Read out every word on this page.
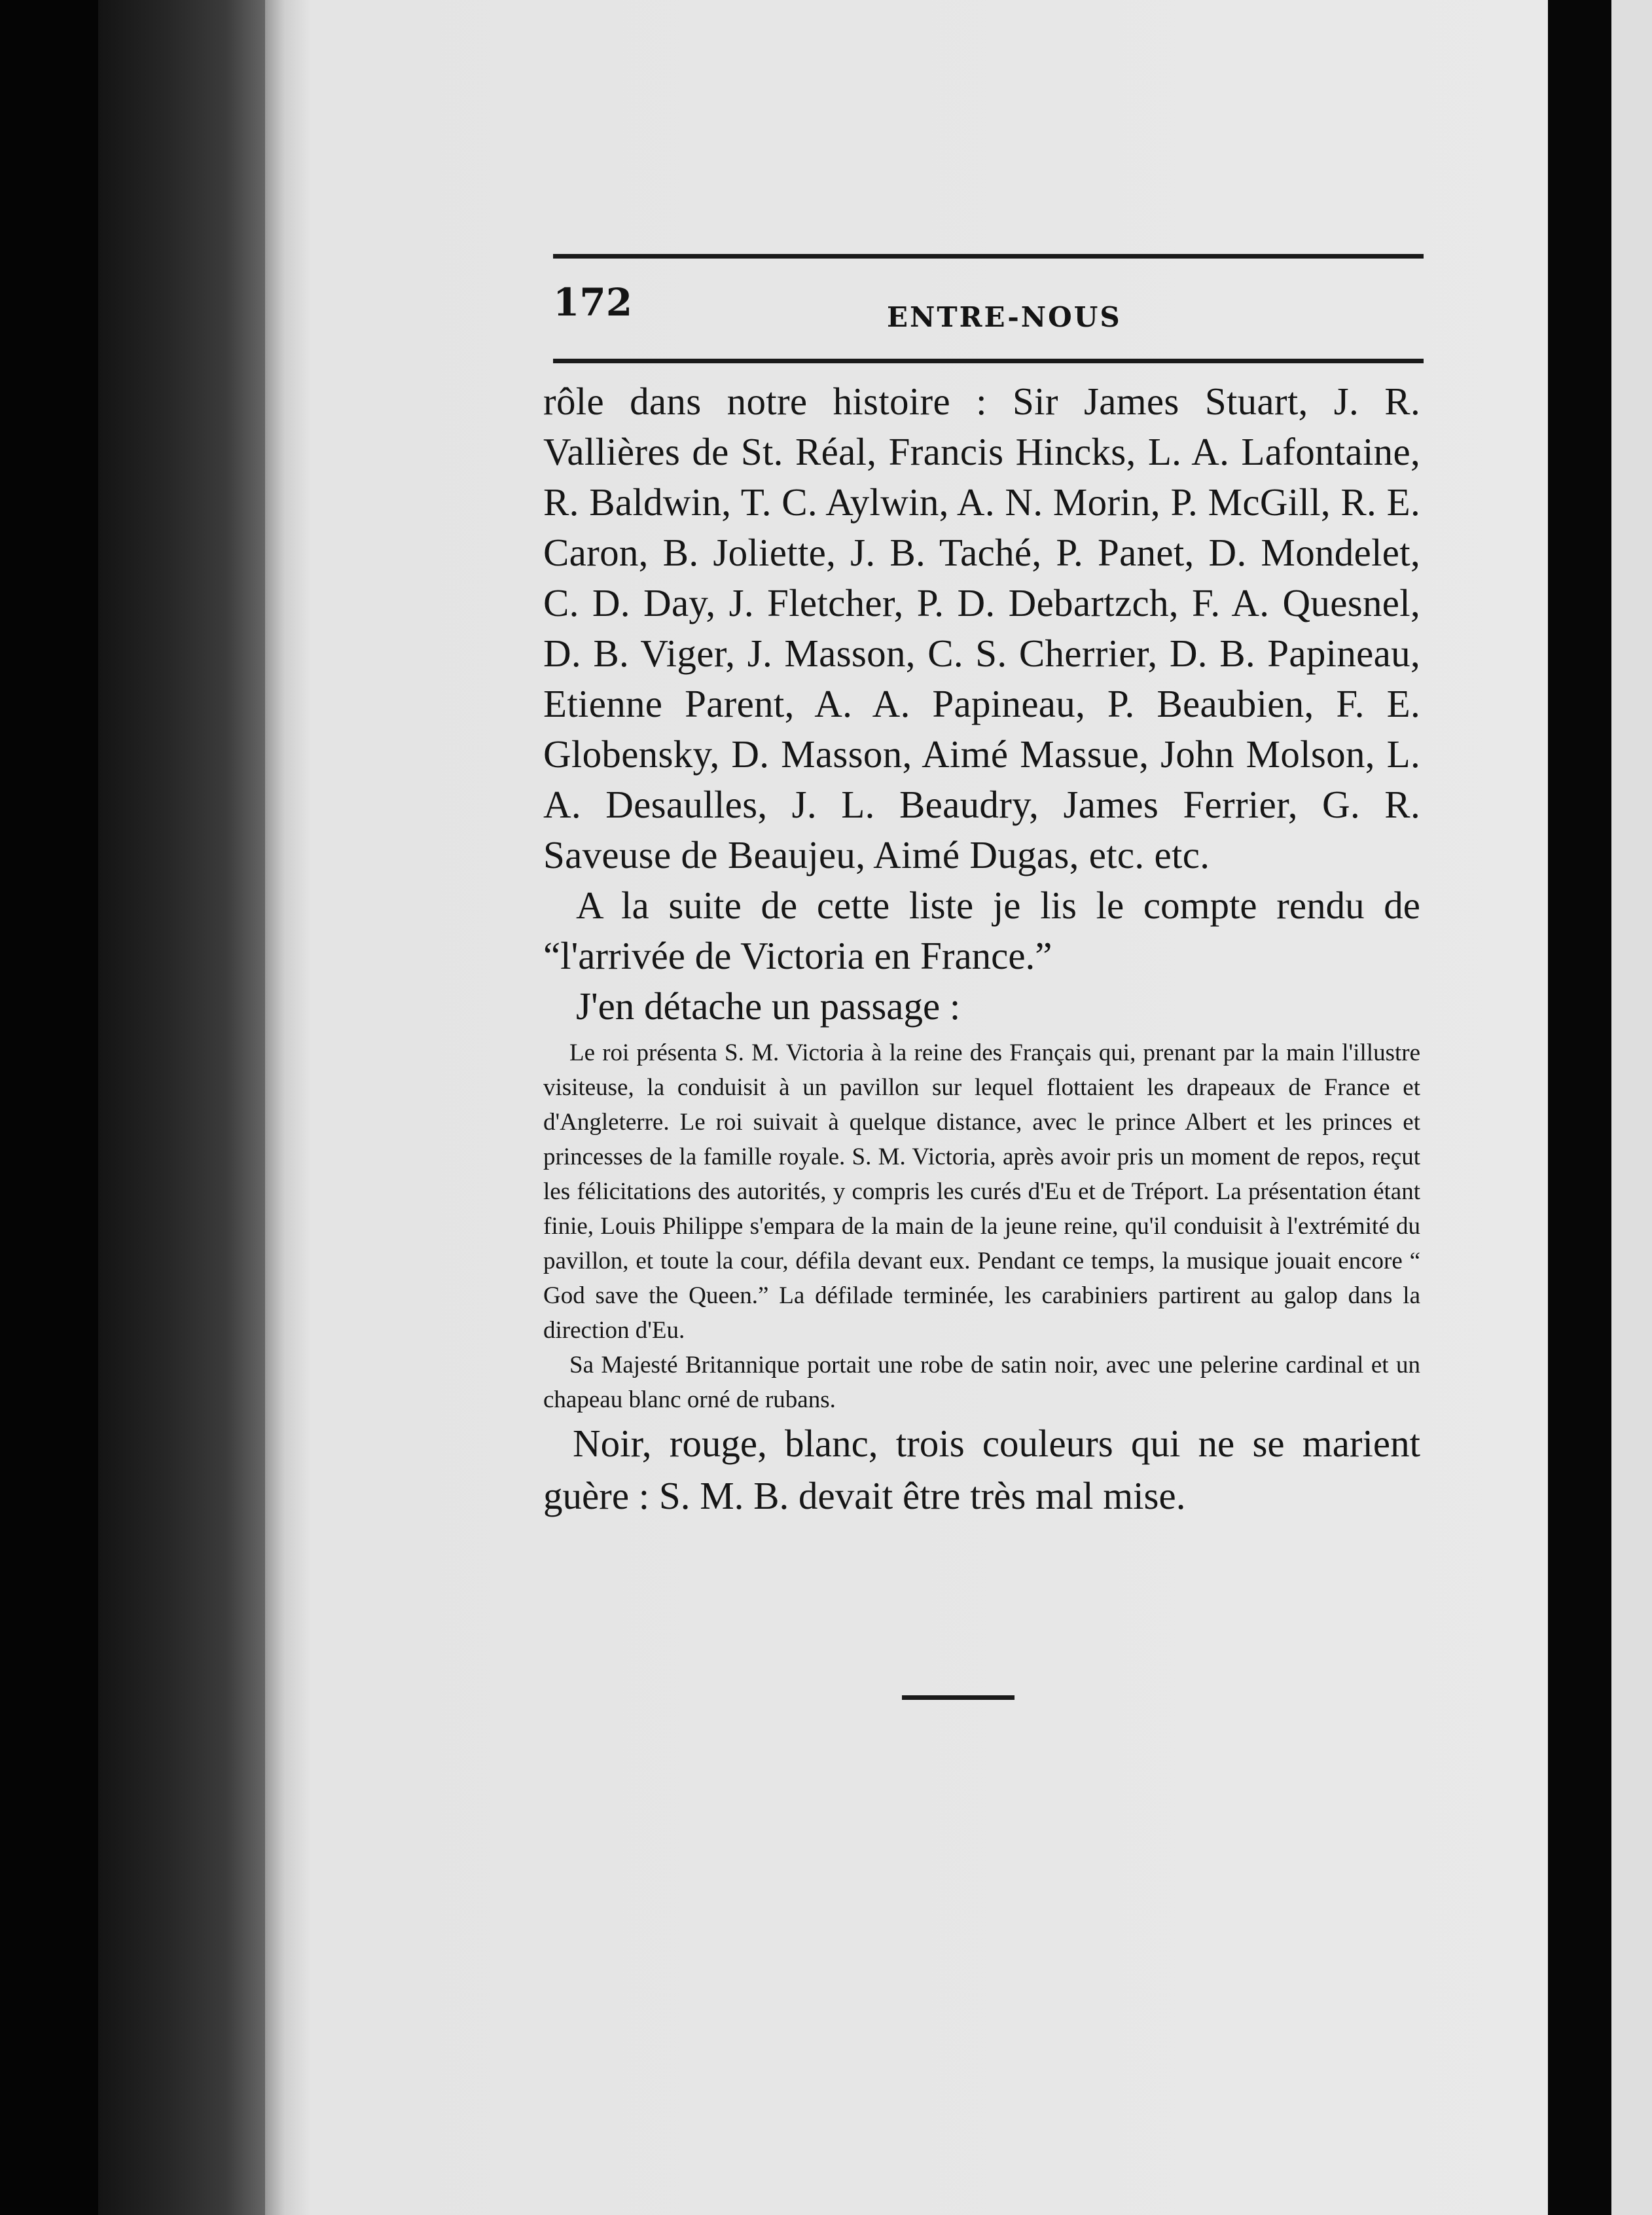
172	ENTRE-NOUS

rôle dans notre histoire : Sir James Stuart, J. R. Vallières de St. Réal, Francis Hincks, L. A. Lafontaine, R. Baldwin, T. C. Aylwin, A. N. Morin, P. McGill, R. E. Caron, B. Joliette, J. B. Taché, P. Panet, D. Mondelet, C. D. Day, J. Fletcher, P. D. Debartzch, F. A. Quesnel, D. B. Viger, J. Masson, C. S. Cherrier, D. B. Papineau, Etienne Parent, A. A. Papineau, P. Beaubien, F. E. Globensky, D. Masson, Aimé Massue, John Molson, L. A. Desaulles, J. L. Beaudry, James Ferrier, G. R. Saveuse de Beaujeu, Aimé Dugas, etc. etc.

A la suite de cette liste je lis le compte rendu de “l'arrivée de Victoria en France.”

J'en détache un passage :

Le roi présenta S. M. Victoria à la reine des Français qui, prenant par la main l'illustre visiteuse, la conduisit à un pavillon sur lequel flottaient les drapeaux de France et d'Angleterre. Le roi suivait à quelque distance, avec le prince Albert et les princes et princesses de la famille royale. S. M. Victoria, après avoir pris un moment de repos, reçut les félicitations des autorités, y compris les curés d'Eu et de Tréport. La présentation étant finie, Louis Philippe s'empara de la main de la jeune reine, qu'il conduisit à l'extrémité du pavillon, et toute la cour, défila devant eux. Pendant ce temps, la musique jouait encore “ God save the Queen.” La défilade terminée, les carabiniers partirent au galop dans la direction d'Eu.

Sa Majesté Britannique portait une robe de satin noir, avec une pelerine cardinal et un chapeau blanc orné de rubans.

Noir, rouge, blanc, trois couleurs qui ne se marient guère : S. M. B. devait être très mal mise.
